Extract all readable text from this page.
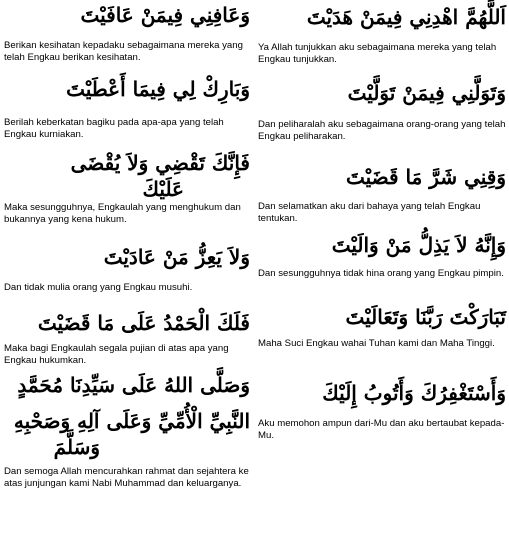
وَعَافِنِي فِيمَنْ عَافَيْتَ
Berikan kesihatan kepadaku sebagaimana mereka yang telah Engkau berikan kesihatan.
وَبَارِكْ لِي فِيمَا أَعْطَيْتَ
Berilah keberkatan bagiku pada apa-apa yang telah Engkau kurniakan.
فَإِنَّكَ تَقْضِي وَلاَ يُقْضَى
عَلَيْكَ
Maka sesungguhnya, Engkaulah yang menghukum dan bukannya yang kena hukum.
وَلاَ يَعِزُّ مَنْ عَادَيْتَ
Dan tidak mulia orang yang Engkau musuhi.
فَلَكَ الْحَمْدُ عَلَى مَا قَضَيْتَ
Maka bagi Engkaulah segala pujian di atas apa yang Engkau hukumkan.
وَصَلَّى اللهُ عَلَى سَيِّدِنَا مُحَمَّدٍ
النَّبِيِّ الْأُمِّيِّ وَعَلَى آلِهِ وَصَحْبِهِ
وَسَلَّمَ
Dan semoga Allah mencurahkan rahmat dan sejahtera ke atas junjungan kami Nabi Muhammad dan keluarganya.
اَللَّهُمَّ اهْدِنِي فِيمَنْ هَدَيْتَ
Ya Allah tunjukkan aku sebagaimana mereka yang telah Engkau tunjukkan.
وَتَوَلَّنِي فِيمَنْ تَوَلَّيْتَ
Dan peliharalah aku sebagaimana orang-orang yang telah Engkau peliharakan.
وَقِنِي شَرَّ مَا قَضَيْتَ
Dan selamatkan aku dari bahaya yang telah Engkau tentukan.
وَإِنَّهُ لاَ يَذِلُّ مَنْ وَالَيْتَ
Dan sesungguhnya tidak hina orang yang Engkau pimpin.
تَبَارَكْتَ رَبَّنَا وَتَعَالَيْتَ
Maha Suci Engkau wahai Tuhan kami dan Maha Tinggi.
وَأَسْتَغْفِرُكَ وَأَتُوبُ إِلَيْكَ
Aku memohon ampun dari-Mu dan aku bertaubat kepada-Mu.
